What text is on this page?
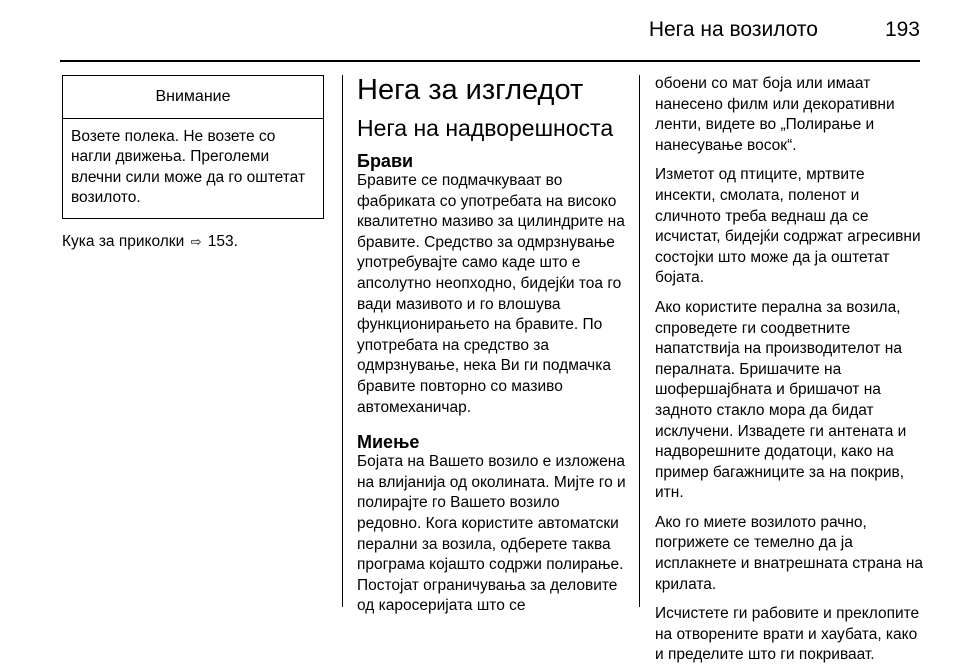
Нега на возилото	193
Внимание
Возете полека. Не возете со нагли движења. Преголеми влечни сили може да го оштетат возилото.
Кука за приколки ⇨ 153.
Нега за изгледот
Нега на надворешноста
Брави

Бравите се подмачкуваат во фабриката со употребата на високо квалитетно мазиво за цилиндрите на бравите. Средство за одмрзнување употребувајте само каде што е апсолутно неопходно, бидејќи тоа го вади мазивото и го влошува функционирањето на бравите. По употребата на средство за одмрзнување, нека Ви ги подмачка бравите повторно со мазиво автомеханичар.

Миење

Бојата на Вашето возило е изложена на влијанија од околината. Мијте го и полирајте го Вашето возило редовно. Кога користите автоматски перални за возила, одберете таква програма којашто содржи полирање. Постојат ограничувања за деловите од каросеријата што се

обоени со мат боја или имаат нанесено филм или декоративни ленти, видете во „Полирање и нанесување восок“.

Изметот од птиците, мртвите инсекти, смолата, поленот и сличното треба веднаш да се исчистат, бидејќи содржат агресивни состојки што може да ја оштетат бојата.

Ако користите перална за возила, спроведете ги соодветните напатствија на производителот на пералната. Бришачите на шофершајбната и бришачот на задното стакло мора да бидат исклучени. Извадете ги антената и надворешните додатоци, како на пример багажниците за на покрив, итн.

Ако го миете возилото рачно, погрижете се темелно да ја исплакнете и внатрешната страна на крилата.

Исчистете ги рабовите и преклопите на отворените врати и хаубата, како и пределите што ги покриваат.
